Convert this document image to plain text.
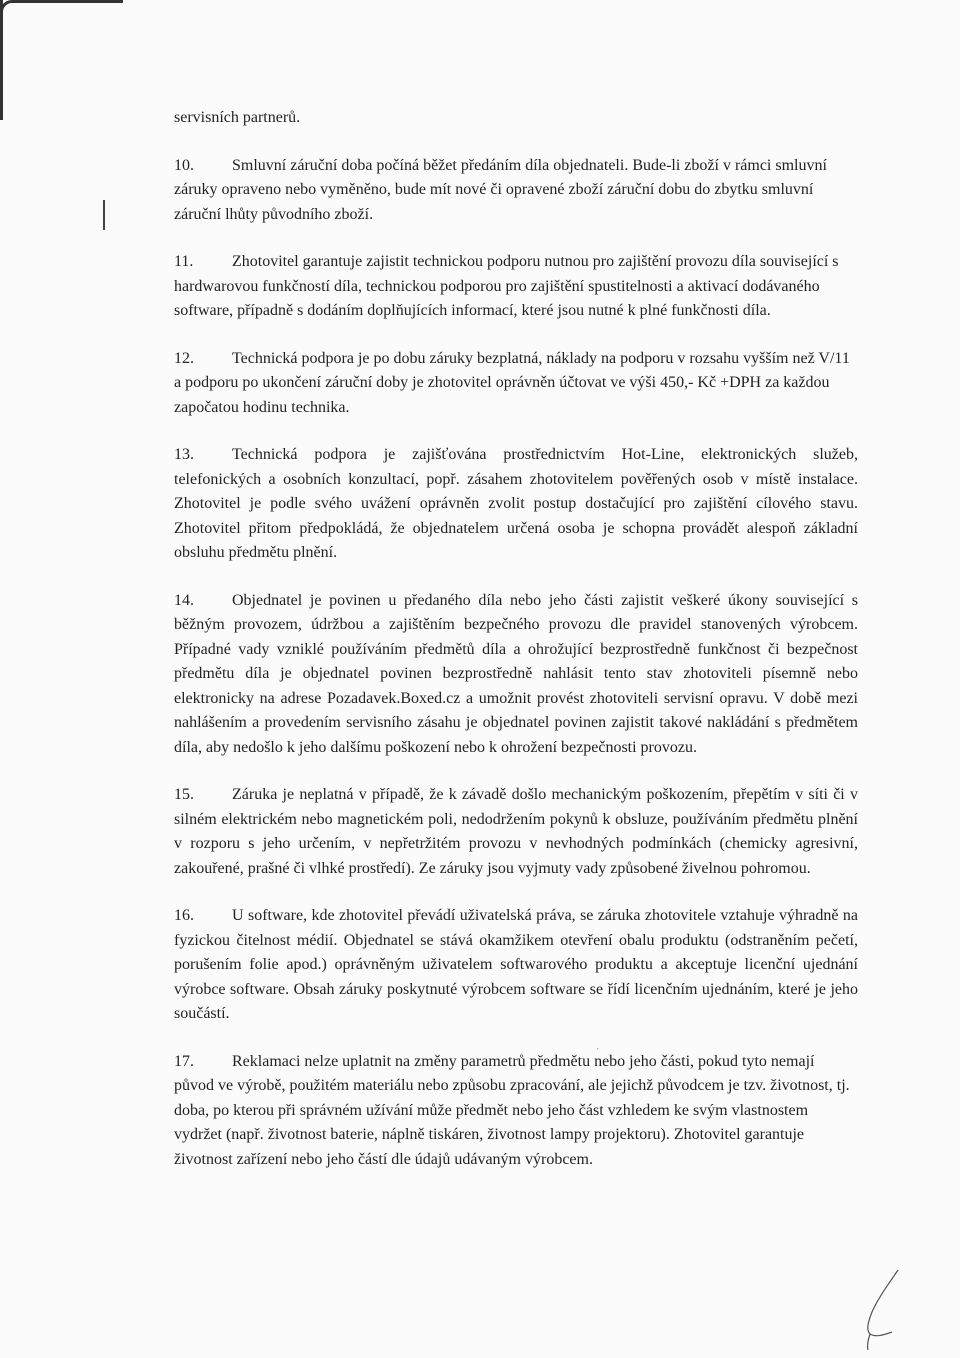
servisních partnerů.

10. Smluvní záruční doba počíná běžet předáním díla objednateli. Bude-li zboží v rámci smluvní záruky opraveno nebo vyměněno, bude mít nové či opravené zboží záruční dobu do zbytku smluvní záruční lhůty původního zboží.

11. Zhotovitel garantuje zajistit technickou podporu nutnou pro zajištění provozu díla související s hardwarovou funkčností díla, technickou podporou pro zajištění spustitelnosti a aktivací dodávaného software, případně s dodáním doplňujících informací, které jsou nutné k plné funkčnosti díla.

12. Technická podpora je po dobu záruky bezplatná, náklady na podporu v rozsahu vyšším než V/11 a podporu po ukončení záruční doby je zhotovitel oprávněn účtovat ve výši 450,- Kč +DPH za každou započatou hodinu technika.

13. Technická podpora je zajišťována prostřednictvím Hot-Line, elektronických služeb, telefonických a osobních konzultací, popř. zásahem zhotovitelem pověřených osob v místě instalace. Zhotovitel je podle svého uvážení oprávněn zvolit postup dostačující pro zajištění cílového stavu. Zhotovitel přitom předpokládá, že objednatelem určená osoba je schopna provádět alespoň základní obsluhu předmětu plnění.

14. Objednatel je povinen u předaného díla nebo jeho části zajistit veškeré úkony související s běžným provozem, údržbou a zajištěním bezpečného provozu dle pravidel stanovených výrobcem. Případné vady vzniklé používáním předmětů díla a ohrožující bezprostředně funkčnost či bezpečnost předmětu díla je objednatel povinen bezprostředně nahlásit tento stav zhotoviteli písemně nebo elektronicky na adrese Pozadavek.Boxed.cz a umožnit provést zhotoviteli servisní opravu. V době mezi nahlášením a provedením servisního zásahu je objednatel povinen zajistit takové nakládání s předmětem díla, aby nedošlo k jeho dalšímu poškození nebo k ohrožení bezpečnosti provozu.

15. Záruka je neplatná v případě, že k závadě došlo mechanickým poškozením, přepětím v síti či v silném elektrickém nebo magnetickém poli, nedodržením pokynů k obsluze, používáním předmětu plnění v rozporu s jeho určením, v nepřetržitém provozu v nevhodných podmínkách (chemicky agresivní, zakouřené, prašné či vlhké prostředí). Ze záruky jsou vyjmuty vady způsobené živelnou pohromou.

16. U software, kde zhotovitel převádí uživatelská práva, se záruka zhotovitele vztahuje výhradně na fyzickou čitelnost médií. Objednatel se stává okamžikem otevření obalu produktu (odstraněním pečetí, porušením folie apod.) oprávněným uživatelem softwarového produktu a akceptuje licenční ujednání výrobce software. Obsah záruky poskytnuté výrobcem software se řídí licenčním ujednáním, které je jeho součástí.

17. Reklamaci nelze uplatnit na změny parametrů předmětu nebo jeho části, pokud tyto nemají původ ve výrobě, použitém materiálu nebo způsobu zpracování, ale jejichž původcem je tzv. životnost, tj. doba, po kterou při správném užívání může předmět nebo jeho část vzhledem ke svým vlastnostem vydržet (např. životnost baterie, náplně tiskáren, životnost lampy projektoru). Zhotovitel garantuje životnost zařízení nebo jeho částí dle údajů udávaným výrobcem.

ˌ
